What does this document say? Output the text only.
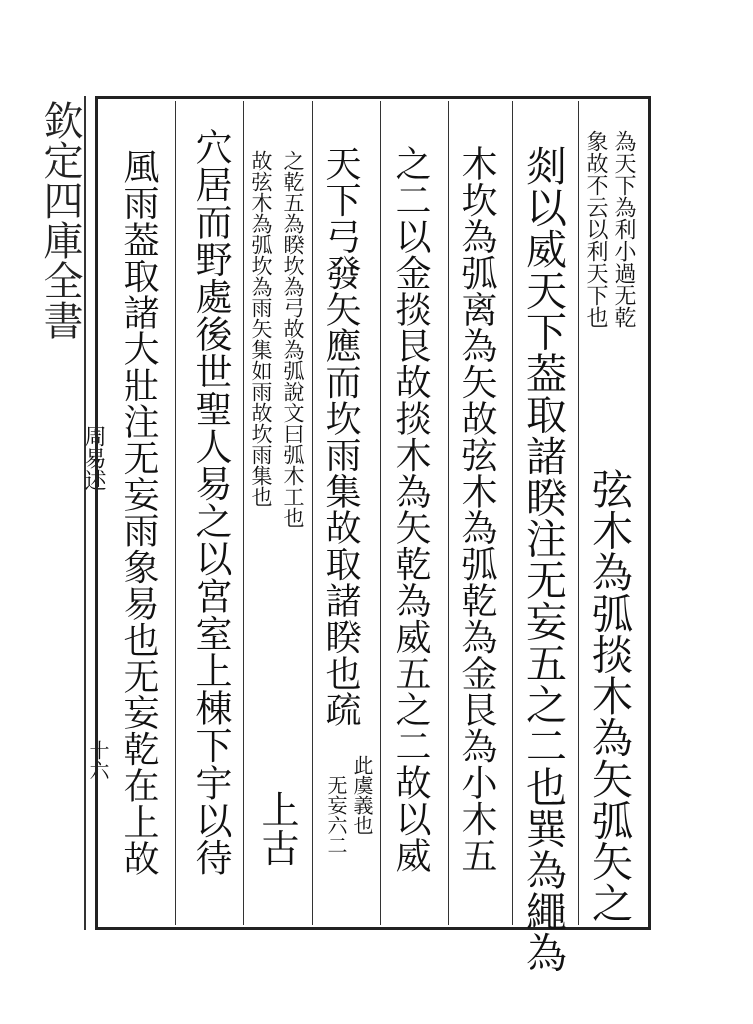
欽定四庫全書
周易述
十六
為天下為利小過无乾
象故不云以利天下也
弦木為弧掞木為矢弧矢之
剡以威天下葢取諸睽注无妄五之二也巽為繩為
木坎為弧离為矢故弦木為弧乾為金艮為小木五
之二以金掞艮故掞木為矢乾為威五之二故以威
天下弓發矢應而坎雨集故取諸睽也疏
此虞義也
无妄六二
之乾五為睽坎為弓故為弧說文曰弧木工也
故弦木為弧坎為雨矢集如雨故坎雨集也
上古
穴居而野處後世聖人易之以宮室上棟下宇以待
風雨葢取諸大壯注无妄雨象易也无妄乾在上故
